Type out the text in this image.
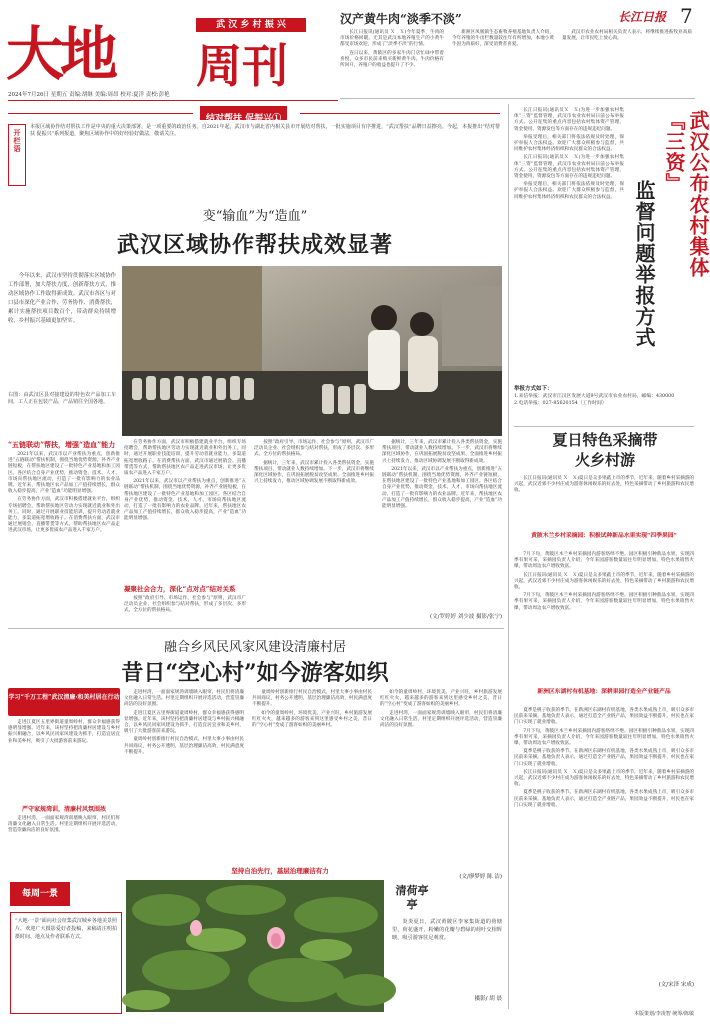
武 汉 乡 村 振 兴
大地 周刊
2024年7月26日 星期五 责编:胡继 美编:周昂 校对:夏洋 责校:彭艳
长江日报 7
汉产黄牛肉“淡季不淡”

长江日报讯(通讯员 Ｘ　Ｘ)今年夏季，牛肉的市场价格回暖。尤其是武汉本地养殖生产的小黄牛都受市场欢迎，形成了“淡季不淡”的行情。

连日以来，黄陂区的多家牛肉门店忙碌中带着喜悦，众多市民前来购买新鲜黄牛肉。牛肉价格有所回升，养殖户的收益也提升了不少。

新洲区凤凰镇生态畜牧养殖基地负责人介绍，今年养殖的牛出栏数量较往年有所增加，本地小黄牛因为肉质好，深受消费者喜爱。

武汉市农业农村局相关负责人表示，将继续推进畜牧业高质量发展，让市民吃上放心肉。

结对帮扶 促振兴①
开栏语
本报区域协作结对帮扶工作是中央的重大决策部署，是一项重要的政治任务。自2021年起，武汉市与湖北省内相关县市开展结对帮扶，一批实施项目有序推进，“武汉帮扶”品牌日益擦亮。今起，本报推出“结对帮扶 促振兴”系列报道，聚焦区域协作中的好经验好做法，敬请关注。
变“输血”为“造血”
武汉区域协作帮扶成效显著
今年以来，武汉市坚持贯彻落实区域协作工作部署，加大帮扶力度，创新帮扶方式，推动区域协作工作取得新成效。武汉市各区与对口县市深化产业合作、劳务协作、消费帮扶，累计实施帮扶项目数百个，带动群众持续增收，乡村振兴基础更加坚实。
右图：由武汉区县对接建设的特色农产品加工车间，工人正在包装产品，产品销往全国各地。
“五链联动”帮扶，增强“造血”能力

2021年以来，武汉市以产业帮扶为重点，创新推进“五链联动”帮扶机制，围绕当地优势资源，补齐产业链短板，在帮扶地区建设了一批特色产业基地和加工园区。各区结合自身产业优势，推动资金、技术、人才、市场向帮扶地区流动，打造了一批有影响力的农业品牌。近年来，帮扶地区农产品加工产值持续增长，群众收入稳步提高，产业“造血”功能明显增强。

在劳务协作方面，武汉市积极搭建就业平台，组织专场招聘会，帮助帮扶地区劳动力实现就近就业和外出务工。同时，通过开展职业技能培训，提升劳动者就业能力，多渠道拓宽增收路子。在消费帮扶方面，武汉市通过展销会、直播带货等方式，帮助帮扶地区农产品走进武汉市场，让更多优质农产品进入千家万户。

在劳务协作方面，武汉市积极搭建就业平台，组织专场招聘会，帮助帮扶地区劳动力实现就近就业和外出务工。同时，通过开展职业技能培训，提升劳动者就业能力，多渠道拓宽增收路子。在消费帮扶方面，武汉市通过展销会、直播带货等方式，帮助帮扶地区农产品走进武汉市场，让更多优质农产品进入千家万户。

2021年以来，武汉市以产业帮扶为重点，创新推进“五链联动”帮扶机制，围绕当地优势资源，补齐产业链短板，在帮扶地区建设了一批特色产业基地和加工园区。各区结合自身产业优势，推动资金、技术、人才、市场向帮扶地区流动，打造了一批有影响力的农业品牌。近年来，帮扶地区农产品加工产值持续增长，群众收入稳步提高，产业“造血”功能明显增强。

凝聚社会合力，深化“点对点”结对关系

按照“政府引导、市场运作、社会参与”原则，武汉市广泛动员企业、社会组织参与结对帮扶，形成了多层次、多形式、全方位的帮扶格局。

按照“政府引导、市场运作、社会参与”原则，武汉市广泛动员企业、社会组织参与结对帮扶，形成了多层次、多形式、全方位的帮扶格局。

据统计，三年来，武汉市累计投入各类帮扶资金，实施帮扶项目，带动就业人数持续增加。下一步，武汉市将继续深化区域协作，在巩固拓展脱贫攻坚成果、全面推进乡村振兴上持续发力，推动区域协调发展不断取得新成效。

据统计，三年来，武汉市累计投入各类帮扶资金，实施帮扶项目，带动就业人数持续增加。下一步，武汉市将继续深化区域协作，在巩固拓展脱贫攻坚成果、全面推进乡村振兴上持续发力，推动区域协调发展不断取得新成效。

2021年以来，武汉市以产业帮扶为重点，创新推进“五链联动”帮扶机制，围绕当地优势资源，补齐产业链短板，在帮扶地区建设了一批特色产业基地和加工园区。各区结合自身产业优势，推动资金、技术、人才、市场向帮扶地区流动，打造了一批有影响力的农业品牌。近年来，帮扶地区农产品加工产值持续增长，群众收入稳步提高，产业“造血”功能明显增强。

(文/罗婷婷 刘少波 摄影/张宁)

长江日报讯(通讯员Ｘ　Ｘ)为进一步加强农村集体“三资”监督管理，武汉市农业农村局日前公布举报方式。公开征集的重点内容包括农村集体资产管理、资金使用、资源发包等方面存在的违规违纪问题。

举报受理后，相关部门将依法依规及时处理，保护举报人合法权益。欢迎广大群众积极参与监督，共同维护农村集体经济组织和农民群众的合法权益。

长江日报讯(通讯员Ｘ　Ｘ)为进一步加强农村集体“三资”监督管理，武汉市农业农村局日前公布举报方式。公开征集的重点内容包括农村集体资产管理、资金使用、资源发包等方面存在的违规违纪问题。

举报受理后，相关部门将依法依规及时处理，保护举报人合法权益。欢迎广大群众积极参与监督，共同维护农村集体经济组织和农民群众的合法权益。

举报方式如下：
1.来信举报：武汉市江汉区发展大道9号武汉市农业农村局，邮编：430000
2.电话举报：027-85620154（工作时间）
武汉公布农村集体『三资』
监督问题举报方式
夏日特色采摘带火乡村游

长江日报讯(通讯员 Ｘ　Ｘ)夏日是众多果蔬上市的季节，近年来，随着乡村采摘游的兴起，武汉近郊不少村庄成为游客休闲娱乐的好去处，特色采摘带动了乡村旅游和农民增收。

黄陂木兰乡村采摘园：积极试种新品水果实现“四季果园”

7月下旬，黄陂区木兰乡村采摘园内游客络绎不绝。园区积极引种新品水果，实现四季有果可采，采摘园负责人介绍，今年来园游客数量较往年明显增加，特色水果销售火爆，带动周边农户增收致富。

长江日报讯(通讯员 Ｘ　Ｘ)夏日是众多果蔬上市的季节，近年来，随着乡村采摘游的兴起，武汉近郊不少村庄成为游客休闲娱乐的好去处，特色采摘带动了乡村旅游和农民增收。

7月下旬，黄陂区木兰乡村采摘园内游客络绎不绝。园区积极引种新品水果，实现四季有果可采，采摘园负责人介绍，今年来园游客数量较往年明显增加，特色水果销售火爆，带动周边农户增收致富。

新洲区东湖村有机基地：深耕果园打造全产业链产品

夏季是桃子收获的季节。在新洲区东湖村有机基地，各类水果成熟上市，吸引众多市民前来采摘。基地负责人表示，通过打造全产业链产品，果园效益不断提升，村民也在家门口实现了就业增收。

7月下旬，黄陂区木兰乡村采摘园内游客络绎不绝。园区积极引种新品水果，实现四季有果可采，采摘园负责人介绍，今年来园游客数量较往年明显增加，特色水果销售火爆，带动周边农户增收致富。

夏季是桃子收获的季节。在新洲区东湖村有机基地，各类水果成熟上市，吸引众多市民前来采摘。基地负责人表示，通过打造全产业链产品，果园效益不断提升，村民也在家门口实现了就业增收。

长江日报讯(通讯员 Ｘ　Ｘ)夏日是众多果蔬上市的季节，近年来，随着乡村采摘游的兴起，武汉近郊不少村庄成为游客休闲娱乐的好去处，特色采摘带动了乡村旅游和农民增收。

夏季是桃子收获的季节。在新洲区东湖村有机基地，各类水果成熟上市，吸引众多市民前来采摘。基地负责人表示，通过打造全产业链产品，果园效益不断提升，村民也在家门口实现了就业增收。

(文/宋泽 宋成)
融合乡风民风家风建设清廉村居
昔日“空心村”如今游客如织
学习“千万工程”武汉清廉·和美村居在行动

走进江夏区五里界街道童周岭村，群众幸福感获得感明显增强。近年来，该村坚持把清廉村居建设与乡村振兴相融合，以乡风民风家风建设为抓手，打造宜居宜业和美乡村，吸引了大批游客前来游玩。

严守家规湾训，清廉村风氛围浓

走进村湾，一面面家规湾训墙映入眼帘，村民们将清廉文化融入日常生活。村里定期组织开展评选活动，营造崇廉尚洁的良好氛围。

走进村湾，一面面家规湾训墙映入眼帘，村民们将清廉文化融入日常生活。村里定期组织开展评选活动，营造崇廉尚洁的良好氛围。

走进江夏区五里界街道童周岭村，群众幸福感获得感明显增强。近年来，该村坚持把清廉村居建设与乡村振兴相融合，以乡风民风家风建设为抓手，打造宜居宜业和美乡村，吸引了大批游客前来游玩。

童周岭村创新推行村民自治模式，村里大事小事由村民共同商议，村务公开透明，基层治理廉洁高效，村民满意度不断提升。

童周岭村创新推行村民自治模式，村里大事小事由村民共同商议，村务公开透明，基层治理廉洁高效，村民满意度不断提升。

如今的童周岭村，环境优美、产业兴旺，乡村旅游发展红红火火，越来越多的游客来到这里感受乡村之美，昔日的“空心村”变成了游客如织的美丽乡村。

如今的童周岭村，环境优美、产业兴旺，乡村旅游发展红红火火，越来越多的游客来到这里感受乡村之美，昔日的“空心村”变成了游客如织的美丽乡村。

走进村湾，一面面家规湾训墙映入眼帘，村民们将清廉文化融入日常生活。村里定期组织开展评选活动，营造崇廉尚洁的良好氛围。

坚持自治先行，基层治理廉洁有力
(文/廖梦婷 陈 洁)
每周一景
“大地·一景”面向社会征集武汉城乡各地美景照片，欢迎广大摄影爱好者投稿，来稿请注明拍摄时间、地点及作者联系方式。
清荷亭亭
炎炎夏日，武汉黄陂区李家集街道的荷塘里，荷花盛开，粉嫩的花瓣与碧绿的荷叶交相辉映，吸引游客驻足观赏。
摄影/ 胡 晨
本版策划/李凌智 统筹/陈敏
